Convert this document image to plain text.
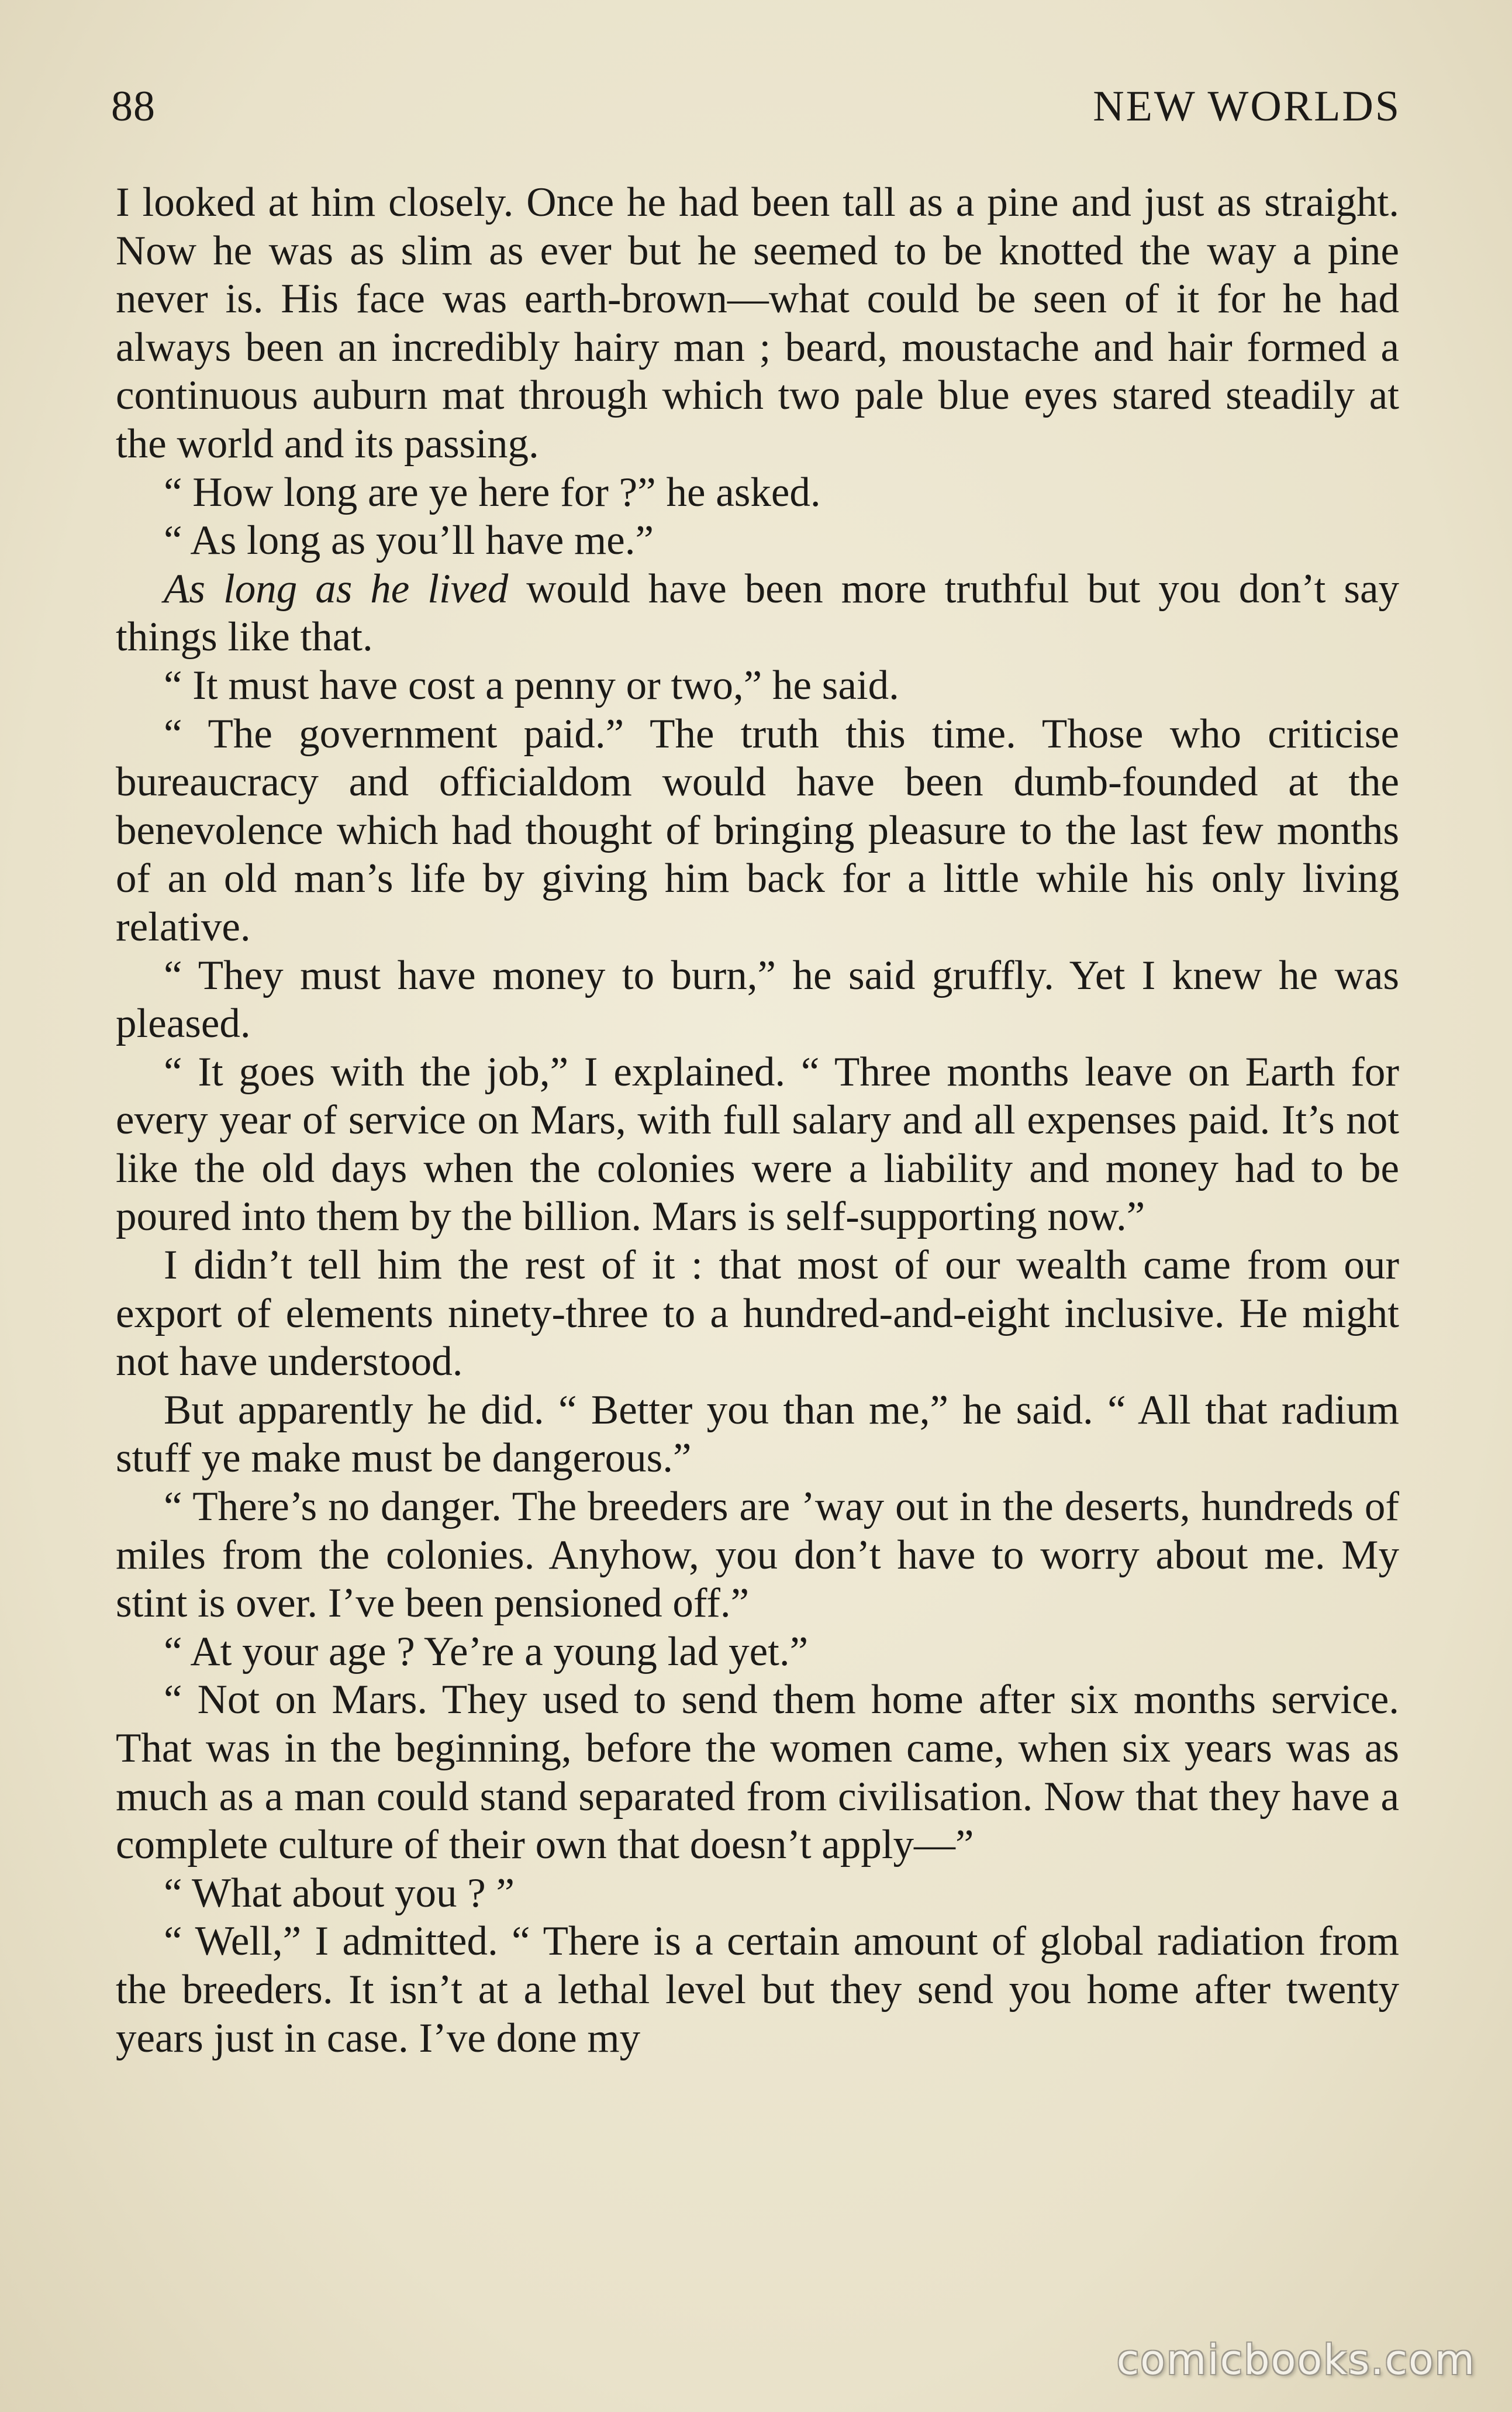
88	NEW WORLDS

I looked at him closely. Once he had been tall as a pine and just as straight. Now he was as slim as ever but he seemed to be knotted the way a pine never is. His face was earth-brown—what could be seen of it for he had always been an incredibly hairy man ; beard, moustache and hair formed a continuous auburn mat through which two pale blue eyes stared steadily at the world and its passing.

“ How long are ye here for ?” he asked.

“ As long as you’ll have me.”

As long as he lived would have been more truthful but you don’t say things like that.

“ It must have cost a penny or two,” he said.

“ The government paid.” The truth this time. Those who criticise bureaucracy and officialdom would have been dumb-founded at the benevolence which had thought of bringing pleasure to the last few months of an old man’s life by giving him back for a little while his only living relative.

“ They must have money to burn,” he said gruffly. Yet I knew he was pleased.

“ It goes with the job,” I explained. “ Three months leave on Earth for every year of service on Mars, with full salary and all expenses paid. It’s not like the old days when the colonies were a liability and money had to be poured into them by the billion. Mars is self-supporting now.”

I didn’t tell him the rest of it : that most of our wealth came from our export of elements ninety-three to a hundred-and-eight inclusive. He might not have understood.

But apparently he did. “ Better you than me,” he said. “ All that radium stuff ye make must be dangerous.”

“ There’s no danger. The breeders are ’way out in the deserts, hundreds of miles from the colonies. Anyhow, you don’t have to worry about me. My stint is over. I’ve been pensioned off.”

“ At your age ? Ye’re a young lad yet.”

“ Not on Mars. They used to send them home after six months service. That was in the beginning, before the women came, when six years was as much as a man could stand separated from civilisation. Now that they have a complete culture of their own that doesn’t apply—”

“ What about you ? ”

“ Well,” I admitted. “ There is a certain amount of global radiation from the breeders. It isn’t at a lethal level but they send you home after twenty years just in case. I’ve done my

comicbooks.com
